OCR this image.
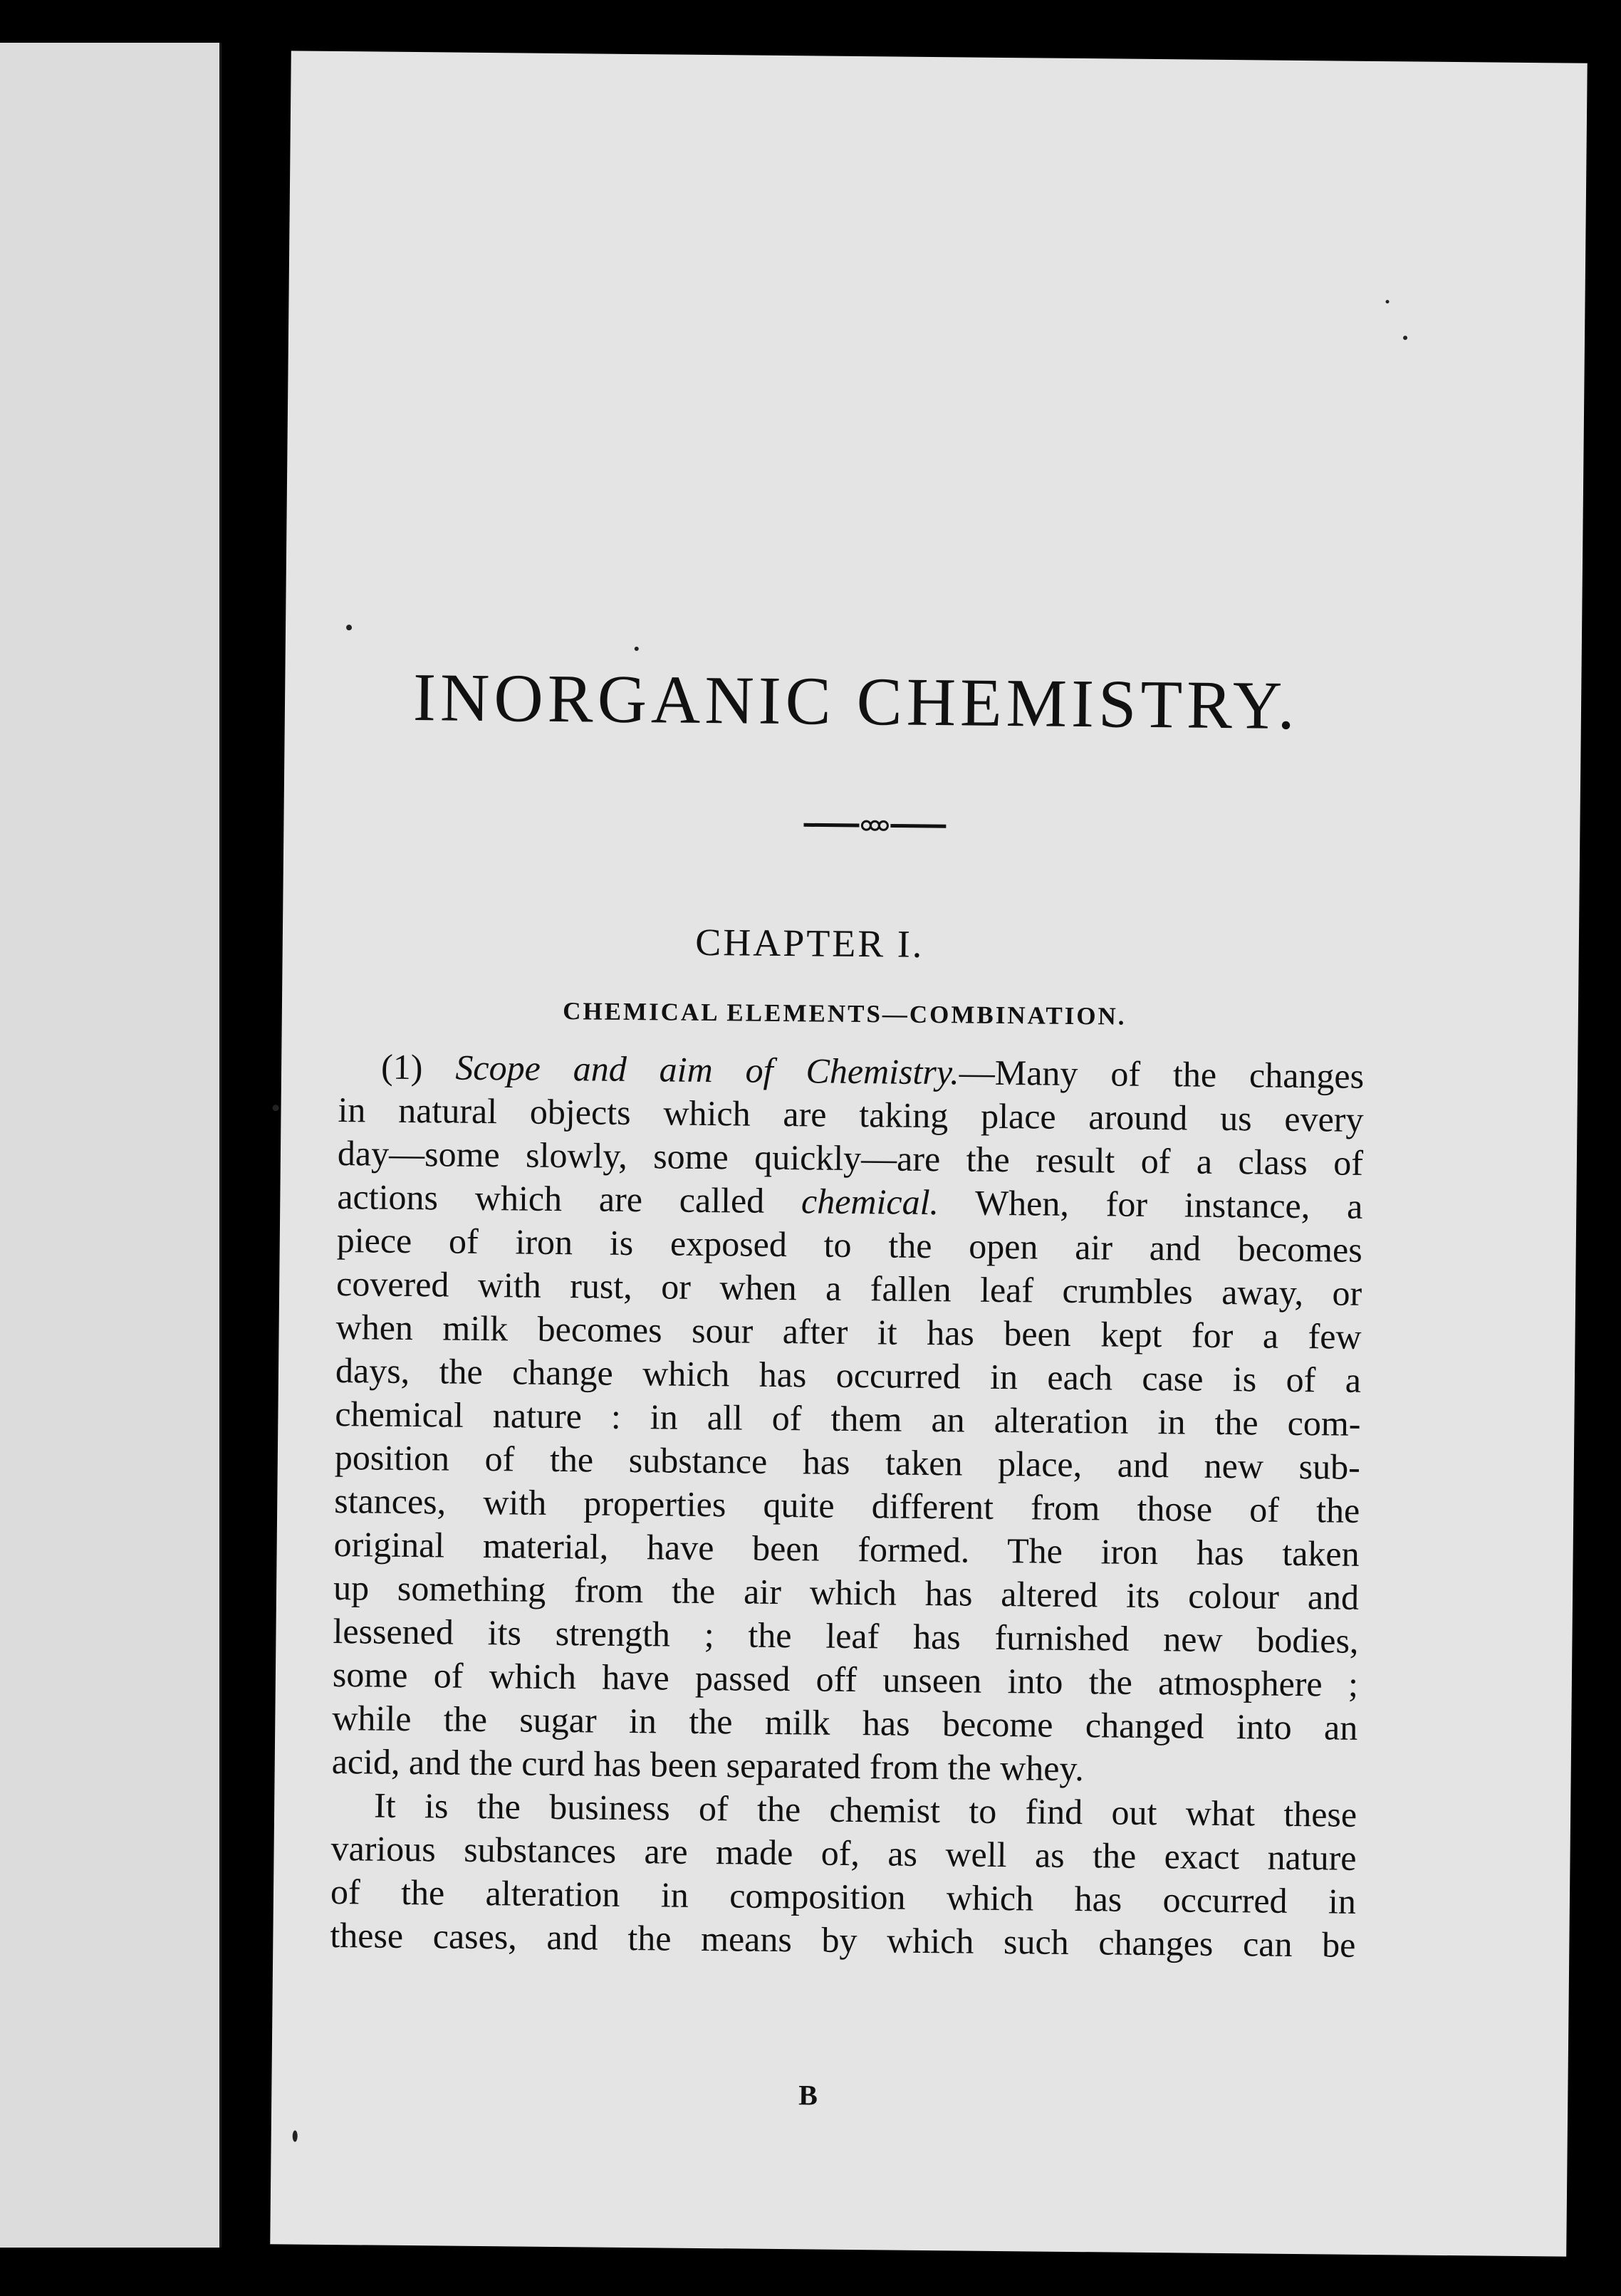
INORGANIC CHEMISTRY.
CHAPTER I.
CHEMICAL ELEMENTS—COMBINATION.
(1) Scope and aim of Chemistry.—Many of the changes
in natural objects which are taking place around us every
day—some slowly, some quickly—are the result of a class of
actions which are called chemical. When, for instance, a
piece of iron is exposed to the open air and becomes
covered with rust, or when a fallen leaf crumbles away, or
when milk becomes sour after it has been kept for a few
days, the change which has occurred in each case is of a
chemical nature : in all of them an alteration in the com-
position of the substance has taken place, and new sub-
stances, with properties quite different from those of the
original material, have been formed. The iron has taken
up something from the air which has altered its colour and
lessened its strength ; the leaf has furnished new bodies,
some of which have passed off unseen into the atmosphere ;
while the sugar in the milk has become changed into an
acid, and the curd has been separated from the whey.
It is the business of the chemist to find out what these
various substances are made of, as well as the exact nature
of the alteration in composition which has occurred in
these cases, and the means by which such changes can be
B
